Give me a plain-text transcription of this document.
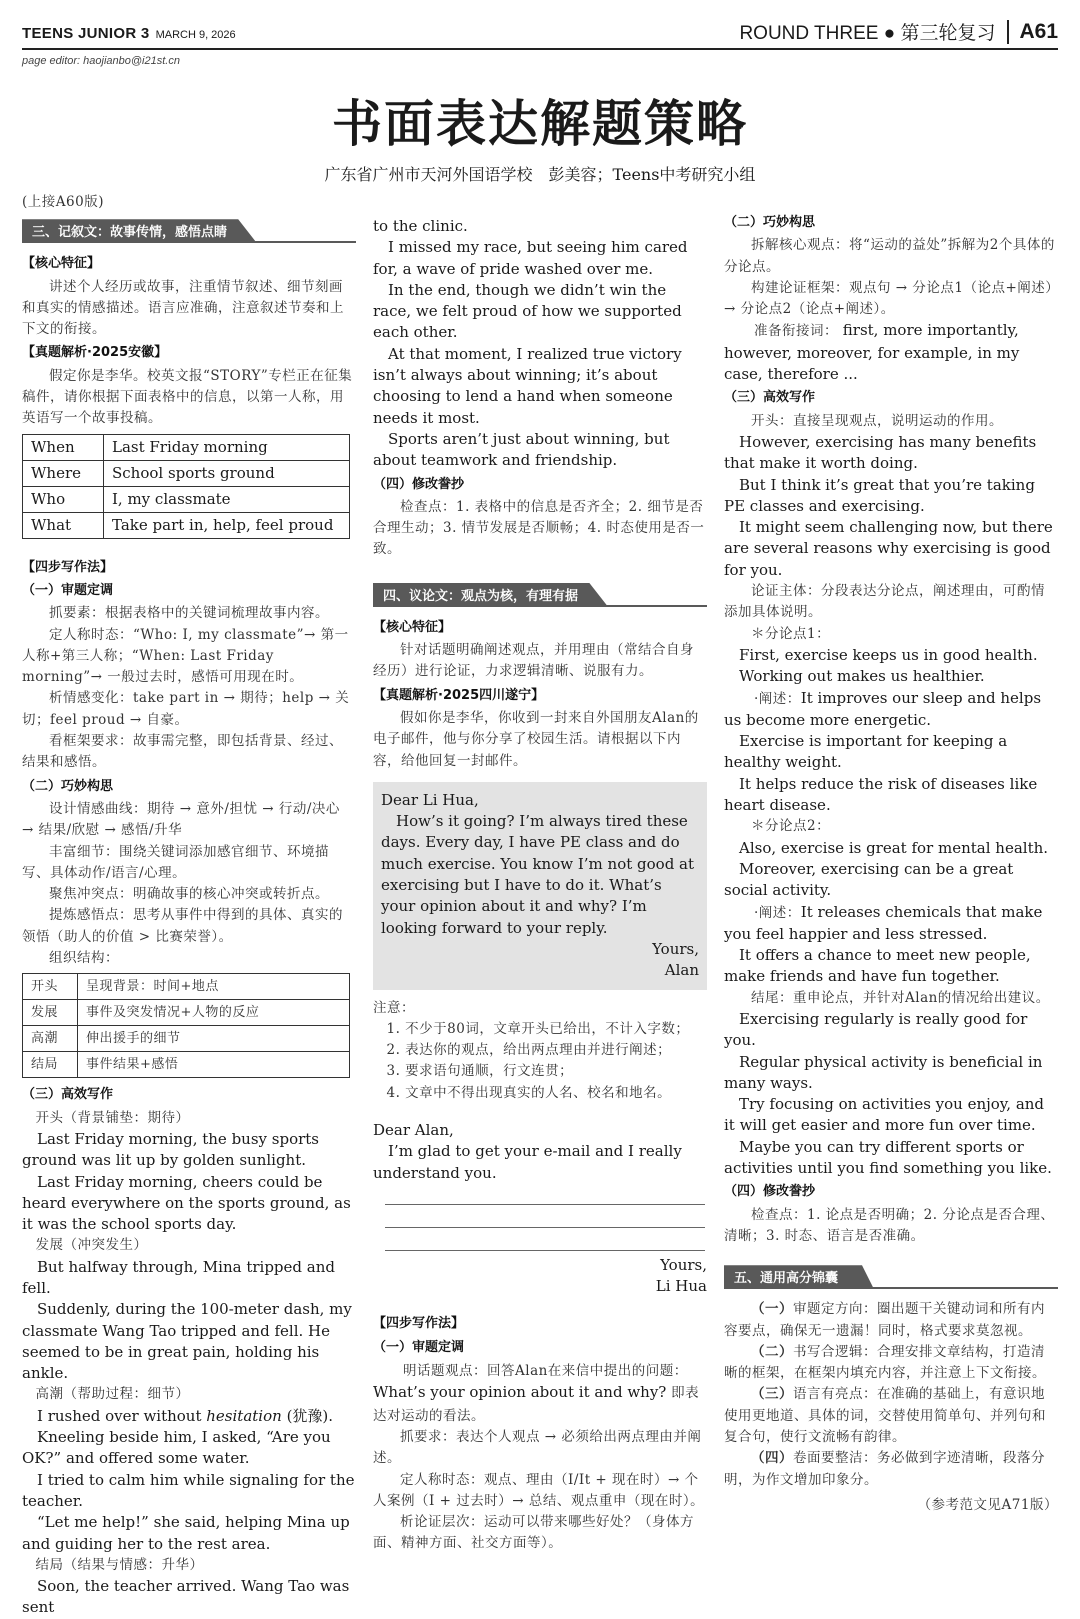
TEENS JUNIOR 3 MARCH 9, 2026	ROUND THREE ● 第三轮复习 A61
page editor: haojianbo@i21st.cn
书面表达解题策略
广东省广州市天河外国语学校　彭美容；Teens中考研究小组

(上接A60版)

三、记叙文：故事传情，感悟点睛

【核心特征】

讲述个人经历或故事，注重情节叙述、细节刻画和真实的情感描述。语言应准确，注意叙述节奏和上下文的衔接。

【真题解析·2025安徽】

假定你是李华。校英文报“STORY”专栏正在征集稿件，请你根据下面表格中的信息，以第一人称，用英语写一个故事投稿。

When	Last Friday morning
Where	School sports ground
Who	I, my classmate
What	Take part in, help, feel proud

【四步写作法】

（一）审题定调

抓要素：根据表格中的关键词梳理故事内容。

定人称时态：“Who: I, my classmate”→ 第一人称+第三人称；“When: Last Friday morning”→ 一般过去时，感悟可用现在时。

析情感变化：take part in → 期待；help → 关切；feel proud → 自豪。

看框架要求：故事需完整，即包括背景、经过、结果和感悟。

（二）巧妙构思

设计情感曲线：期待 → 意外/担忧 → 行动/决心 → 结果/欣慰 → 感悟/升华

丰富细节：围绕关键词添加感官细节、环境描写、具体动作/语言/心理。

聚焦冲突点：明确故事的核心冲突或转折点。

提炼感悟点：思考从事件中得到的具体、真实的领悟（助人的价值 > 比赛荣誉）。

组织结构：

开头	呈现背景：时间+地点
发展	事件及突发情况+人物的反应
高潮	伸出援手的细节
结局	事件结果+感悟

（三）高效写作

开头（背景铺垫：期待）

Last Friday morning, the busy sports ground was lit up by golden sunlight.

Last Friday morning, cheers could be heard everywhere on the sports ground, as it was the school sports day.

发展（冲突发生）

But halfway through, Mina tripped and fell.

Suddenly, during the 100-meter dash, my classmate Wang Tao tripped and fell. He seemed to be in great pain, holding his ankle.

高潮（帮助过程：细节）

I rushed over without hesitation (犹豫).

Kneeling beside him, I asked, “Are you OK?” and offered some water.

I tried to calm him while signaling for the teacher.

“Let me help!” she said, helping Mina up and guiding her to the rest area.

结局（结果与情感：升华）

Soon, the teacher arrived. Wang Tao was sent

to the clinic.

I missed my race, but seeing him cared for, a wave of pride washed over me.

In the end, though we didn’t win the race, we felt proud of how we supported each other.

At that moment, I realized true victory isn’t always about winning; it’s about choosing to lend a hand when someone needs it most.

Sports aren’t just about winning, but about teamwork and friendship.

（四）修改誊抄

检查点：1. 表格中的信息是否齐全；2. 细节是否合理生动；3. 情节发展是否顺畅；4. 时态使用是否一致。

四、议论文：观点为核，有理有据

【核心特征】

针对话题明确阐述观点，并用理由（常结合自身经历）进行论证，力求逻辑清晰、说服有力。

【真题解析·2025四川遂宁】

假如你是李华，你收到一封来自外国朋友Alan的电子邮件，他与你分享了校园生活。请根据以下内容，给他回复一封邮件。

Dear Li Hua,

How’s it going? I’m always tired these days. Every day, I have PE class and do much exercise. You know I’m not good at exercising but I have to do it. What’s your opinion about it and why? I’m looking forward to your reply.

Yours,

Alan

注意：

1. 不少于80词，文章开头已给出，不计入字数；

2. 表达你的观点，给出两点理由并进行阐述；

3. 要求语句通顺，行文连贯；

4. 文章中不得出现真实的人名、校名和地名。

Dear Alan,

I’m glad to get your e-mail and I really understand you.

Yours,

Li Hua

【四步写作法】

（一）审题定调

明话题观点：回答Alan在来信中提出的问题：What’s your opinion about it and why? 即表达对运动的看法。

抓要求：表达个人观点 → 必须给出两点理由并阐述。

定人称时态：观点、理由（I/It + 现在时）→ 个人案例（I + 过去时）→ 总结、观点重申（现在时）。

析论证层次：运动可以带来哪些好处？（身体方面、精神方面、社交方面等）。

（二）巧妙构思

拆解核心观点：将“运动的益处”拆解为2个具体的分论点。

构建论证框架：观点句 → 分论点1（论点+阐述）→ 分论点2（论点+阐述）。

准备衔接词： first, more importantly, however, moreover, for example, in my case, therefore ...

（三）高效写作

开头：直接呈现观点，说明运动的作用。

However, exercising has many benefits that make it worth doing.

But I think it’s great that you’re taking PE classes and exercising.

It might seem challenging now, but there are several reasons why exercising is good for you.

论证主体：分段表达分论点，阐述理由，可酌情添加具体说明。

＊分论点1：

First, exercise keeps us in good health.

Working out makes us healthier.

·阐述：It improves our sleep and helps us become more energetic.

Exercise is important for keeping a healthy weight.

It helps reduce the risk of diseases like heart disease.

＊分论点2：

Also, exercise is great for mental health.

Moreover, exercising can be a great social activity.

·阐述：It releases chemicals that make you feel happier and less stressed.

It offers a chance to meet new people, make friends and have fun together.

结尾：重申论点，并针对Alan的情况给出建议。

Exercising regularly is really good for you.

Regular physical activity is beneficial in many ways.

Try focusing on activities you enjoy, and it will get easier and more fun over time.

Maybe you can try different sports or activities until you find something you like.

（四）修改誊抄

检查点：1. 论点是否明确；2. 分论点是否合理、清晰；3. 时态、语言是否准确。

五、通用高分锦囊

（一）审题定方向：圈出题干关键动词和所有内容要点，确保无一遗漏！同时，格式要求莫忽视。

（二）书写合逻辑：合理安排文章结构，打造清晰的框架，在框架内填充内容，并注意上下文衔接。

（三）语言有亮点：在准确的基础上，有意识地使用更地道、具体的词，交替使用简单句、并列句和复合句，使行文流畅有韵律。

（四）卷面要整洁：务必做到字迹清晰，段落分明，为作文增加印象分。

（参考范文见A71版）
